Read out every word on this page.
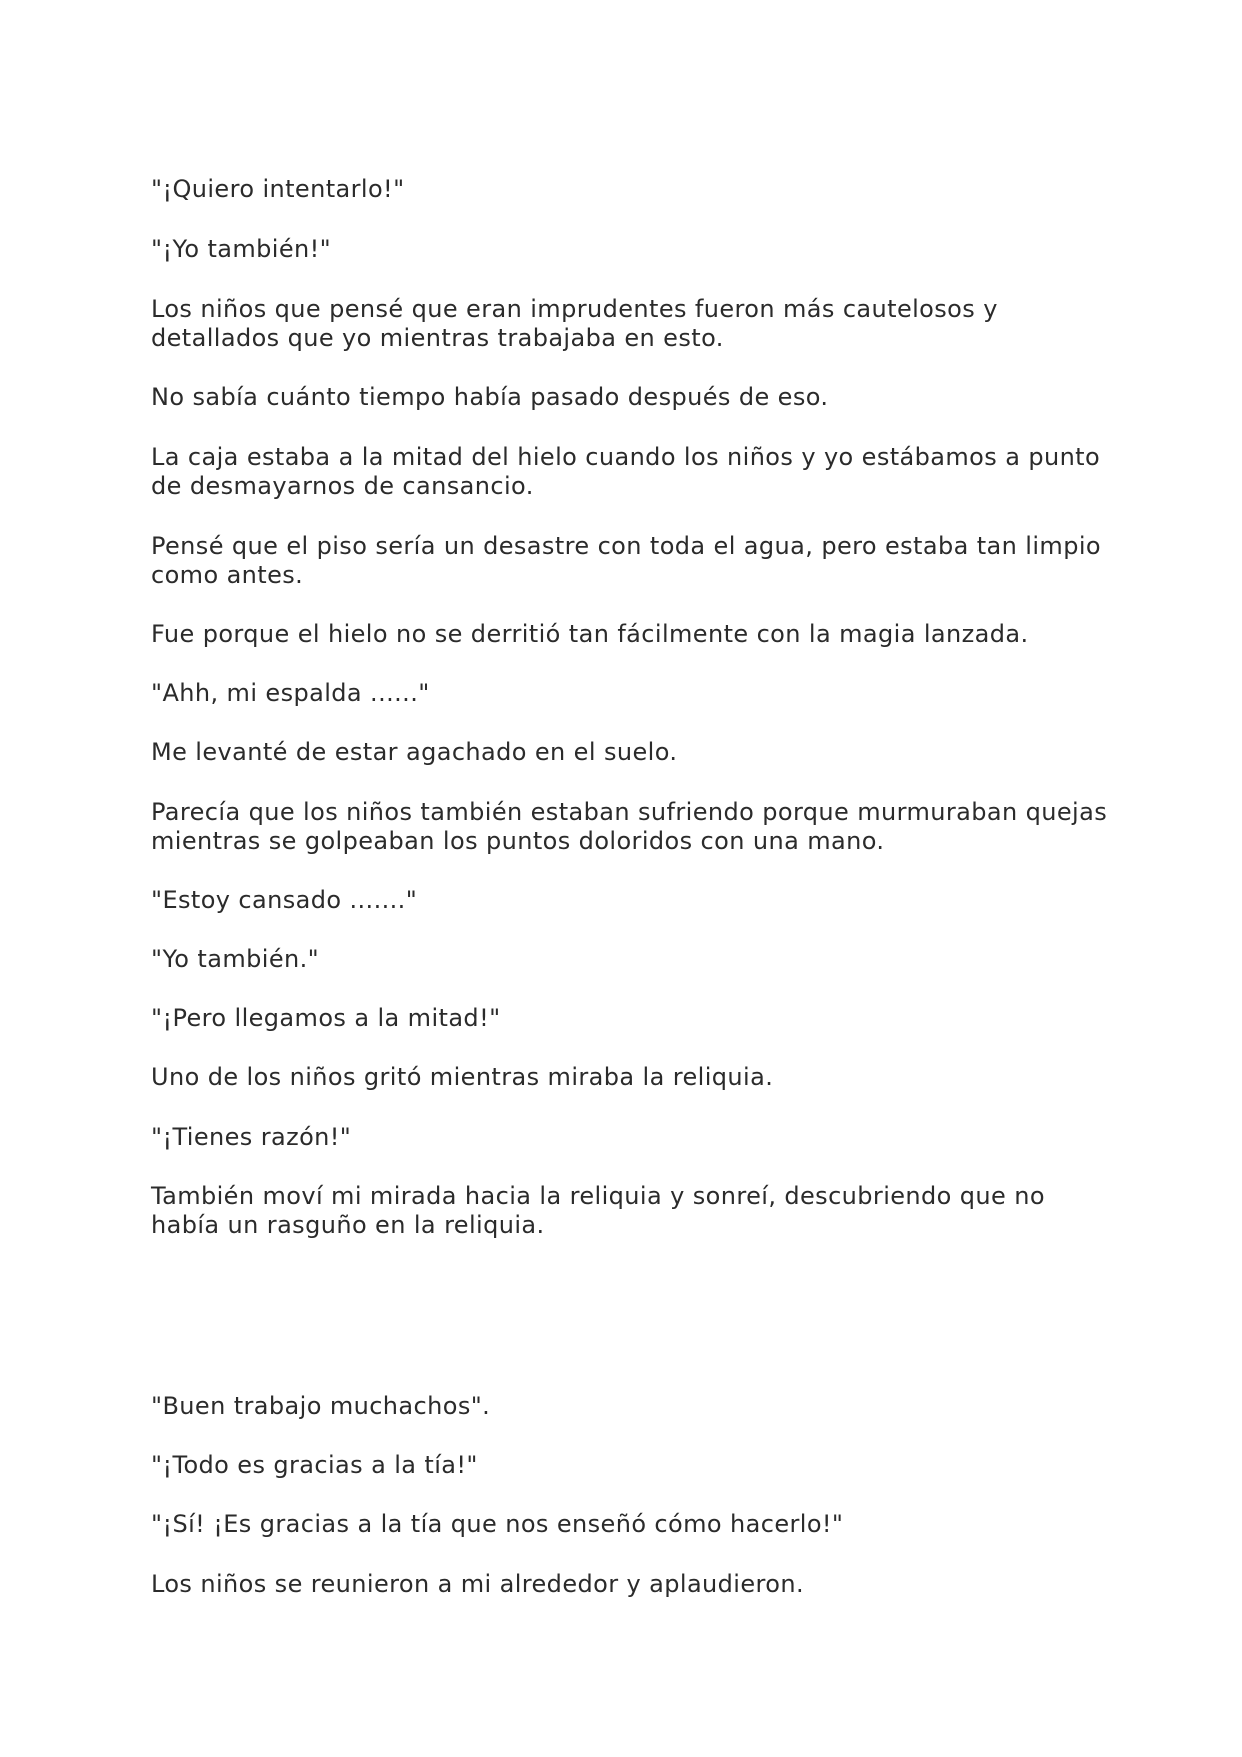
"¡Quiero intentarlo!"

"¡Yo también!"

Los niños que pensé que eran imprudentes fueron más cautelosos y detallados que yo mientras trabajaba en esto.

No sabía cuánto tiempo había pasado después de eso.

La caja estaba a la mitad del hielo cuando los niños y yo estábamos a punto de desmayarnos de cansancio.

Pensé que el piso sería un desastre con toda el agua, pero estaba tan limpio como antes.

Fue porque el hielo no se derritió tan fácilmente con la magia lanzada.

"Ahh, mi espalda ......"

Me levanté de estar agachado en el suelo.

Parecía que los niños también estaban sufriendo porque murmuraban quejas mientras se golpeaban los puntos doloridos con una mano.

"Estoy cansado ......."

"Yo también."

"¡Pero llegamos a la mitad!"

Uno de los niños gritó mientras miraba la reliquia.

"¡Tienes razón!"

También moví mi mirada hacia la reliquia y sonreí, descubriendo que no había un rasguño en la reliquia.

"Buen trabajo muchachos".

"¡Todo es gracias a la tía!"

"¡Sí! ¡Es gracias a la tía que nos enseñó cómo hacerlo!"

Los niños se reunieron a mi alrededor y aplaudieron.
